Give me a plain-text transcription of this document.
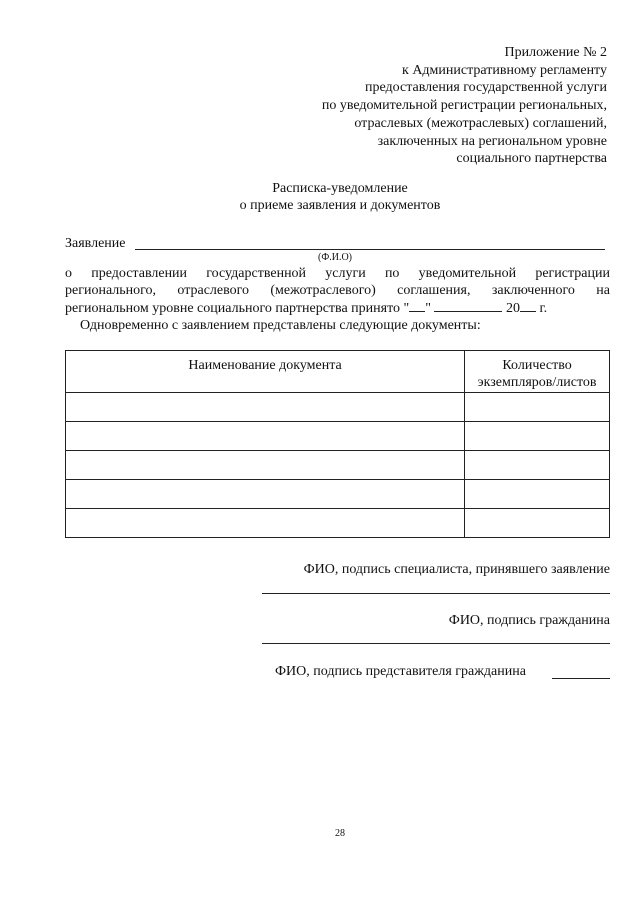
Приложение № 2
к Административному регламенту
предоставления государственной услуги
по уведомительной регистрации региональных,
отраслевых (межотраслевых) соглашений,
заключенных на региональном уровне
социального партнерства
Расписка-уведомление
о приеме заявления и документов
Заявление
(Ф.И.О)
о предоставлении государственной услуги по уведомительной регистрации
регионального, отраслевого (межотраслевого) соглашения, заключенного на
региональном уровне социального партнерства принято " "	20 г.
Одновременно с заявлением представлены следующие документы:
Наименование документа	Количество
экземпляров/листов

ФИО, подпись специалиста, принявшего заявление
ФИО, подпись гражданина
ФИО, подпись представителя гражданина
28
